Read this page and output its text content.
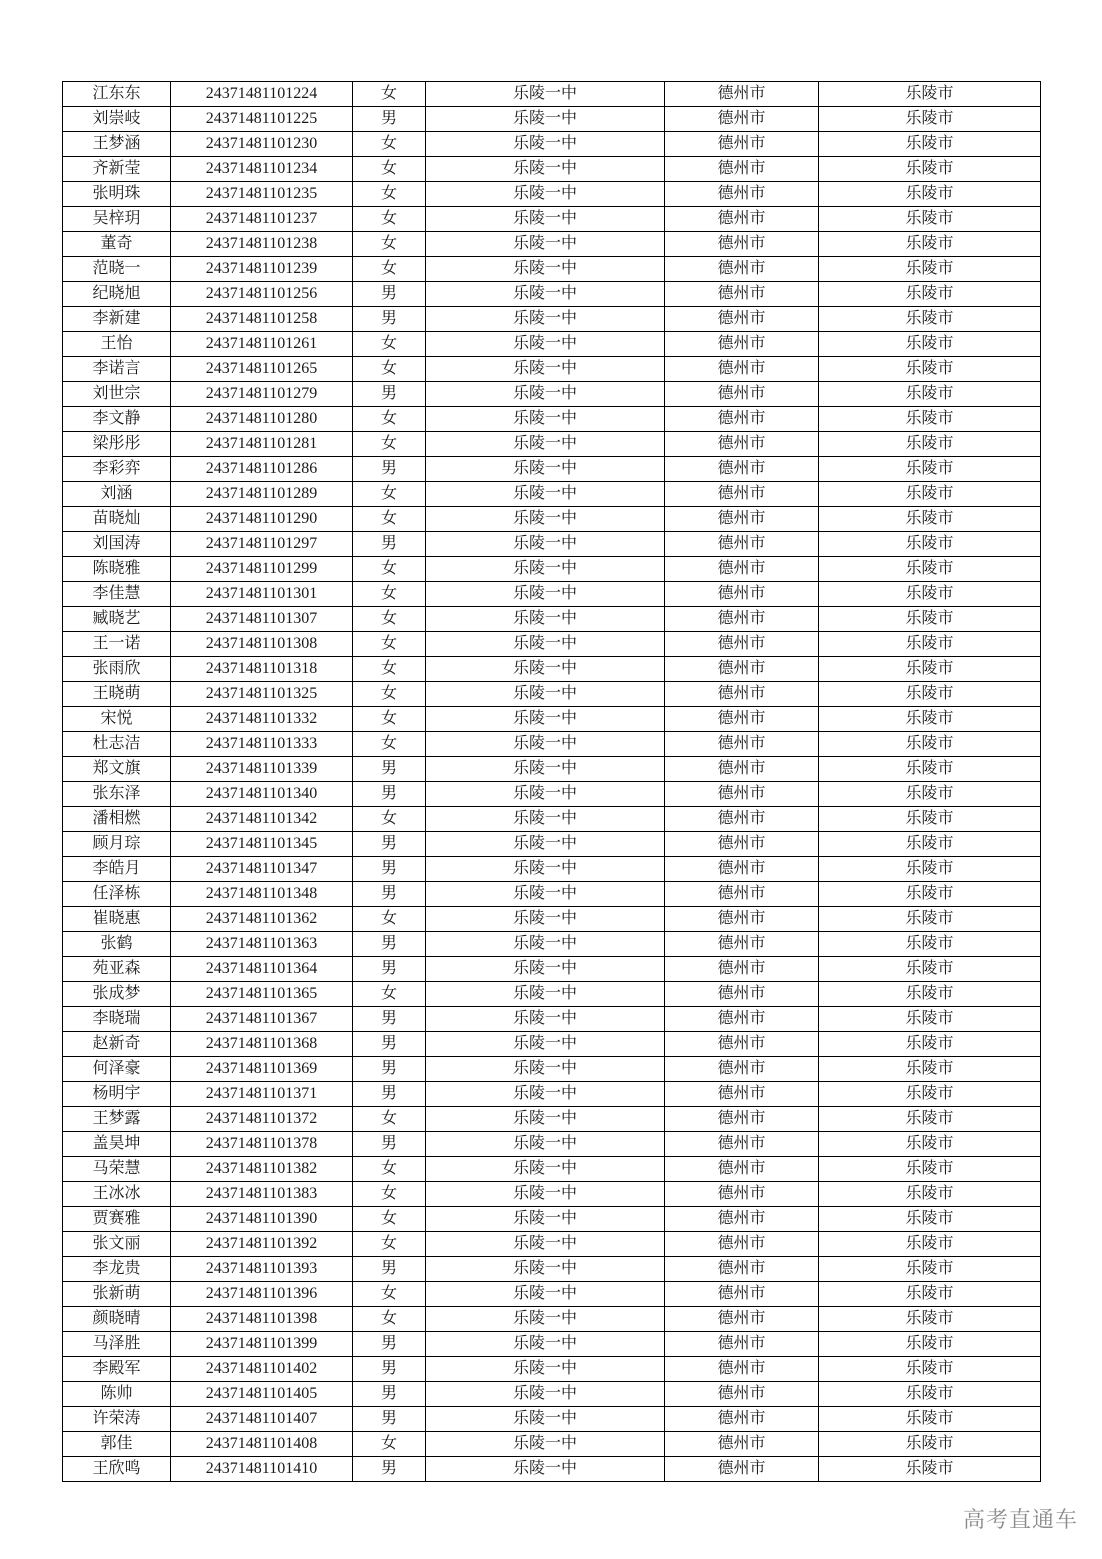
江东东	24371481101224	女	乐陵一中	德州市	乐陵市
刘崇岐	24371481101225	男	乐陵一中	德州市	乐陵市
王梦涵	24371481101230	女	乐陵一中	德州市	乐陵市
齐新莹	24371481101234	女	乐陵一中	德州市	乐陵市
张明珠	24371481101235	女	乐陵一中	德州市	乐陵市
吴梓玥	24371481101237	女	乐陵一中	德州市	乐陵市
董奇	24371481101238	女	乐陵一中	德州市	乐陵市
范晓一	24371481101239	女	乐陵一中	德州市	乐陵市
纪晓旭	24371481101256	男	乐陵一中	德州市	乐陵市
李新建	24371481101258	男	乐陵一中	德州市	乐陵市
王怡	24371481101261	女	乐陵一中	德州市	乐陵市
李诺言	24371481101265	女	乐陵一中	德州市	乐陵市
刘世宗	24371481101279	男	乐陵一中	德州市	乐陵市
李文静	24371481101280	女	乐陵一中	德州市	乐陵市
梁彤彤	24371481101281	女	乐陵一中	德州市	乐陵市
李彩弈	24371481101286	男	乐陵一中	德州市	乐陵市
刘涵	24371481101289	女	乐陵一中	德州市	乐陵市
苗晓灿	24371481101290	女	乐陵一中	德州市	乐陵市
刘国涛	24371481101297	男	乐陵一中	德州市	乐陵市
陈晓雅	24371481101299	女	乐陵一中	德州市	乐陵市
李佳慧	24371481101301	女	乐陵一中	德州市	乐陵市
臧晓艺	24371481101307	女	乐陵一中	德州市	乐陵市
王一诺	24371481101308	女	乐陵一中	德州市	乐陵市
张雨欣	24371481101318	女	乐陵一中	德州市	乐陵市
王晓萌	24371481101325	女	乐陵一中	德州市	乐陵市
宋悦	24371481101332	女	乐陵一中	德州市	乐陵市
杜志洁	24371481101333	女	乐陵一中	德州市	乐陵市
郑文旗	24371481101339	男	乐陵一中	德州市	乐陵市
张东泽	24371481101340	男	乐陵一中	德州市	乐陵市
潘相燃	24371481101342	女	乐陵一中	德州市	乐陵市
顾月琮	24371481101345	男	乐陵一中	德州市	乐陵市
李皓月	24371481101347	男	乐陵一中	德州市	乐陵市
任泽栋	24371481101348	男	乐陵一中	德州市	乐陵市
崔晓惠	24371481101362	女	乐陵一中	德州市	乐陵市
张鹤	24371481101363	男	乐陵一中	德州市	乐陵市
苑亚森	24371481101364	男	乐陵一中	德州市	乐陵市
张成梦	24371481101365	女	乐陵一中	德州市	乐陵市
李晓瑞	24371481101367	男	乐陵一中	德州市	乐陵市
赵新奇	24371481101368	男	乐陵一中	德州市	乐陵市
何泽豪	24371481101369	男	乐陵一中	德州市	乐陵市
杨明宇	24371481101371	男	乐陵一中	德州市	乐陵市
王梦露	24371481101372	女	乐陵一中	德州市	乐陵市
盖昊坤	24371481101378	男	乐陵一中	德州市	乐陵市
马荣慧	24371481101382	女	乐陵一中	德州市	乐陵市
王冰冰	24371481101383	女	乐陵一中	德州市	乐陵市
贾赛雅	24371481101390	女	乐陵一中	德州市	乐陵市
张文丽	24371481101392	女	乐陵一中	德州市	乐陵市
李龙贵	24371481101393	男	乐陵一中	德州市	乐陵市
张新萌	24371481101396	女	乐陵一中	德州市	乐陵市
颜晓晴	24371481101398	女	乐陵一中	德州市	乐陵市
马泽胜	24371481101399	男	乐陵一中	德州市	乐陵市
李殿军	24371481101402	男	乐陵一中	德州市	乐陵市
陈帅	24371481101405	男	乐陵一中	德州市	乐陵市
许荣涛	24371481101407	男	乐陵一中	德州市	乐陵市
郭佳	24371481101408	女	乐陵一中	德州市	乐陵市
王欣鸣	24371481101410	男	乐陵一中	德州市	乐陵市
高考直通车
